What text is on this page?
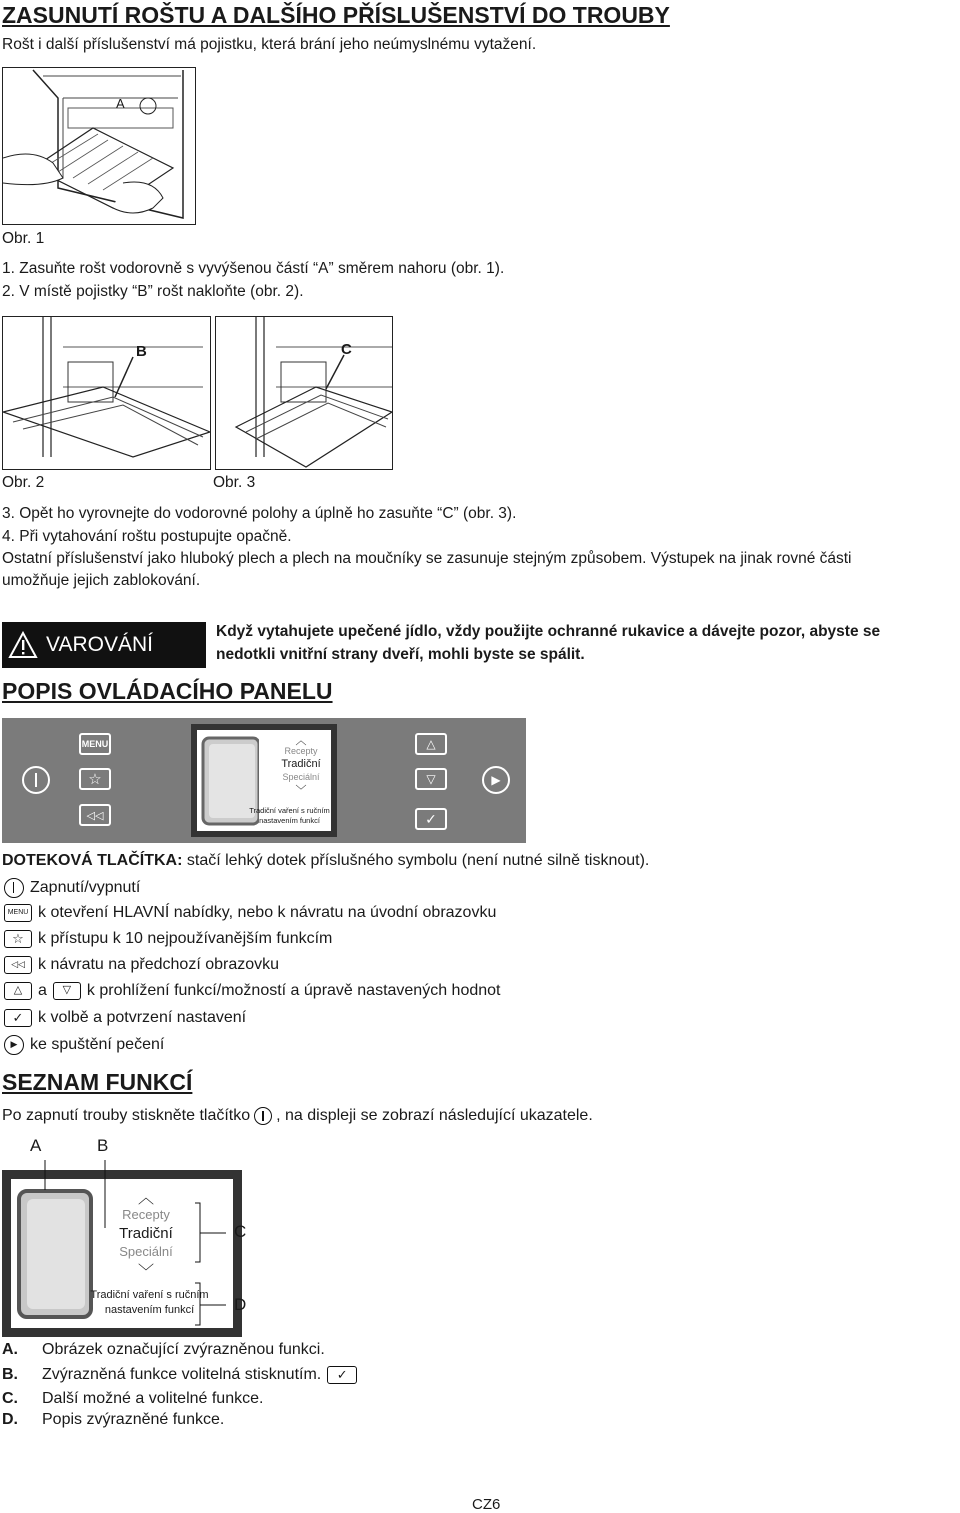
ZASUNUTÍ ROŠTU A DALŠÍHO PŘÍSLUŠENSTVÍ DO TROUBY
Rošt i další příslušenství má pojistku, která brání jeho neúmyslnému vytažení.
A
Obr. 1
1. Zasuňte rošt vodorovně s vyvýšenou částí “A” směrem nahoru (obr. 1).
2. V místě pojistky “B” rošt nakloňte (obr. 2).
B	C
Obr. 2	Obr. 3
3. Opět ho vyrovnejte do vodorovné polohy a úplně ho zasuňte “C” (obr. 3).
4. Při vytahování roštu postupujte opačně.
Ostatní příslušenství jako hluboký plech a plech na moučníky se zasunuje stejným způsobem. Výstupek na jinak rovné části
umožňuje jejich zablokování.
VAROVÁNÍ
Když vytahujete upečené jídlo, vždy použijte ochranné rukavice a dávejte pozor, abyste se
nedotkli vnitřní strany dveří, mohli byste se spálit.
POPIS OVLÁDACÍHO PANELU
MENU
☆
◁◁
︿
Recepty
Tradiční
Speciální
﹀
Tradiční vaření s ručním
nastavením funkcí
△
▽
✓
▶
DOTEKOVÁ TLAČÍTKA: stačí lehký dotek příslušného symbolu (není nutné silně tisknout).
Zapnutí/vypnutí
MENU k otevření HLAVNÍ nabídky, nebo k návratu na úvodní obrazovku
☆ k přístupu k 10 nejpoužívanějším funkcím
◁◁ k návratu na předchozí obrazovku
△ a	▽ k prohlížení funkcí/možností a úpravě nastavených hodnot
✓ k volbě a potvrzení nastavení
▶ ke spuštění pečení
SEZNAM FUNKCÍ
Po zapnutí trouby stiskněte tlačítko , na displeji se zobrazí následující ukazatele.
A	B
︿
Recepty
Tradiční
Speciální
﹀
Tradiční vaření s ručním
nastavením funkcí
C
D
A.	Obrázek označující zvýrazněnou funkci.
B.	Zvýrazněná funkce volitelná stisknutím.	✓
C.	Další možné a volitelné funkce.
D.	Popis zvýrazněné funkce.
CZ6
